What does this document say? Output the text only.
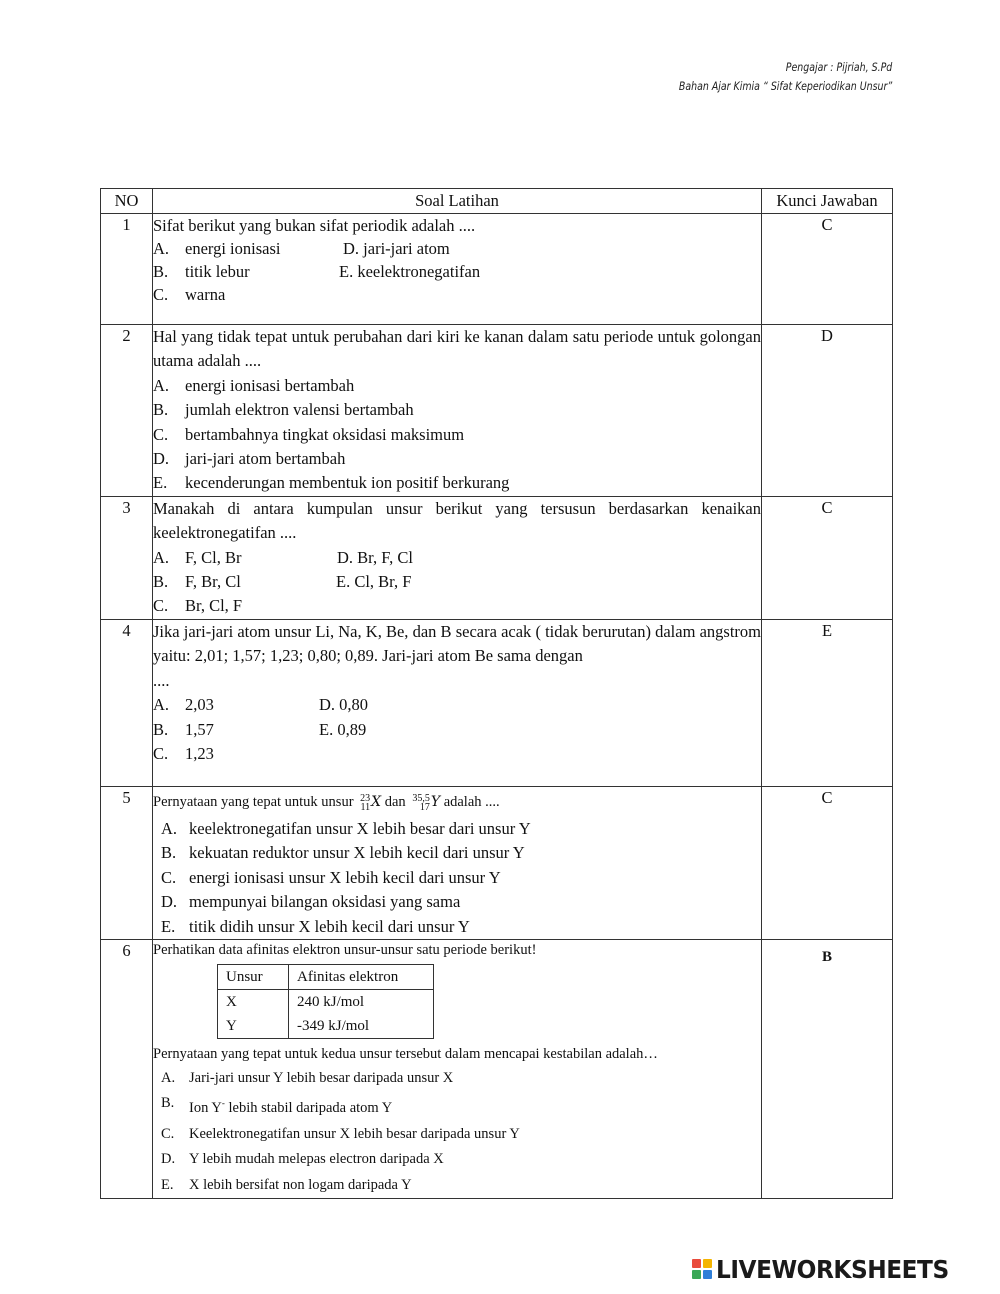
Pengajar : Pijriah, S.Pd
Bahan Ajar Kimia “ Sifat Keperiodikan Unsur”
NO	Soal Latihan	Kunci Jawaban
1	Sifat berikut yang bukan sifat periodik adalah ....
A. energi ionisasi	D. jari-jari atom
B.	titik lebur	E. keelektronegatifan
C.	warna
	C
2	Hal yang tidak tepat untuk perubahan dari kiri ke kanan dalam satu periode untuk golongan utama adalah ....
A. energi ionisasi bertambah
B.	jumlah elektron valensi bertambah
C.	bertambahnya tingkat oksidasi maksimum
D. jari-jari atom bertambah
E.	kecenderungan membentuk ion positif berkurang
	D
3	Manakah di antara kumpulan unsur berikut yang tersusun berdasarkan kenaikan keelektronegatifan ....
A. F, Cl, Br	D. Br, F, Cl
B.	F, Br, Cl	E. Cl, Br, F
C.	Br, Cl, F
	C
4	Jika jari-jari atom unsur Li, Na, K, Be, dan B secara acak ( tidak berurutan) dalam angstrom yaitu: 2,01; 1,57; 1,23; 0,80; 0,89. Jari-jari atom Be sama dengan
....
A. 2,03	D. 0,80
B.	1,57	E. 0,89
C.	1,23
	E
5	Pernyataan yang tepat untuk unsur 23
11 X dan 35,5
17 Y adalah ....
A. keelektronegatifan unsur X lebih besar dari unsur Y
B. kekuatan reduktor unsur X lebih kecil dari unsur Y
C. energi ionisasi unsur X lebih kecil dari unsur Y
D. mempunyai bilangan oksidasi yang sama
E. titik didih unsur X lebih kecil dari unsur Y
	C
6	Perhatikan data afinitas elektron unsur-unsur satu periode berikut!
Unsur	Afinitas elektron
X	240 kJ/mol
Y	-349 kJ/mol
Pernyataan yang tepat untuk kedua unsur tersebut dalam mencapai kestabilan adalah…
A. Jari-jari unsur Y lebih besar daripada unsur X
B.	Ion Y- lebih stabil daripada atom Y
C.	Keelektronegatifan unsur X lebih besar daripada unsur Y
D. Y lebih mudah melepas electron daripada X
E.	X lebih bersifat non logam daripada Y
	B
LIVEWORKSHEETS
